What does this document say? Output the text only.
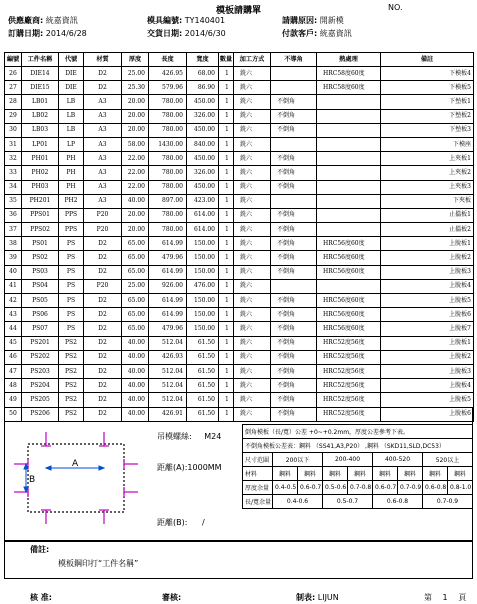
模板請購單	NO.
供應廠商: 統嘉資訊	模具編號: TY140401	請購原因: 開新模
訂購日期: 2014/6/28	交貨日期: 2014/6/30	付款客戶: 統嘉資訊
編號	工件名稱	代號	材質	厚度	長度	寬度	數量	加工方式	不導角	熱處理	備註
26	DIE14	DIE	D2	25.00	426.95	68.00	1	銑六		HRC58度60度	下模板4
27	DIE15	DIE	D2	25.30	579.96	86.90	1	銑六		HRC58度60度	下模板5
28	LB01	LB	A3	20.00	780.00	450.00	1	銑六	不倒角		下墊板1
29	LB02	LB	A3	20.00	780.00	326.00	1	銑六	不倒角		下墊板2
30	LB03	LB	A3	20.00	780.00	450.00	1	銑六	不倒角		下墊板3
31	LP01	LP	A3	58.00	1430.00	840.00	1	銑六			下模座
32	PH01	PH	A3	22.00	780.00	450.00	1	銑六	不倒角		上夾板1
33	PH02	PH	A3	22.00	780.00	326.00	1	銑六	不倒角		上夾板2
34	PH03	PH	A3	22.00	780.00	450.00	1	銑六	不倒角		上夾板3
35	PH201	PH2	A3	40.00	897.00	423.00	1	銑六			下夾板
36	PPS01	PPS	P20	20.00	780.00	614.00	1	銑六	不倒角		止擋板1
37	PPS02	PPS	P20	20.00	780.00	614.00	1	銑六	不倒角		止擋板2
38	PS01	PS	D2	65.00	614.99	150.00	1	銑六	不倒角	HRC56度60度	上脫板1
39	PS02	PS	D2	65.00	479.96	150.00	1	銑六	不倒角	HRC56度60度	上脫板2
40	PS03	PS	D2	65.00	614.99	150.00	1	銑六	不倒角	HRC56度60度	上脫板3
41	PS04	PS	P20	25.00	926.00	476.00	1	銑六			上脫板4
42	PS05	PS	D2	65.00	614.99	150.00	1	銑六	不倒角	HRC56度60度	上脫板5
43	PS06	PS	D2	65.00	614.99	150.00	1	銑六	不倒角	HRC56度60度	上脫板6
44	PS07	PS	D2	65.00	479.96	150.00	1	銑六	不倒角	HRC56度60度	上脫板7
45	PS201	PS2	D2	40.00	512.04	61.50	1	銑六	不倒角	HRC52度56度	上脫板1
46	PS202	PS2	D2	40.00	426.93	61.50	1	銑六	不倒角	HRC52度56度	上脫板2
47	PS203	PS2	D2	40.00	512.04	61.50	1	銑六	不倒角	HRC52度56度	上脫板3
48	PS204	PS2	D2	40.00	512.04	61.50	1	銑六	不倒角	HRC52度56度	上脫板4
49	PS205	PS2	D2	40.00	512.04	61.50	1	銑六	不倒角	HRC52度56度	上脫板5
50	PS206	PS2	D2	40.00	426.91	61.50	1	銑六	不倒角	HRC52度56度	上脫板6
A
B
吊模螺絲: M24
距離(A):1000MM
距離(B): /
倒角模板（長/寬）公差 +0~+0.2mm，厚度公差參考下表。								
不倒角模板公差表：鋼料 （SS41,A3,P20） ,鋼料 （SKD11,SLD,DC53）								
尺寸范圍	200以下		200-400		400-520		520以上	
材料	鋼料	鋼料	鋼料	鋼料	鋼料	鋼料	鋼料	鋼料
厚度余量	0.4-0.5	0.6-0.7	0.5-0.6	0.7-0.8	0.6-0.7	0.7-0.9	0.6-0.8	0.8-1.0
長/寬余量	0.4-0.6		0.5-0.7		0.6-0.8		0.7-0.9	
備註:
模板鋼印打“工件名稱”
核 准:	審核:	制表: LIJUN	第 1 頁
